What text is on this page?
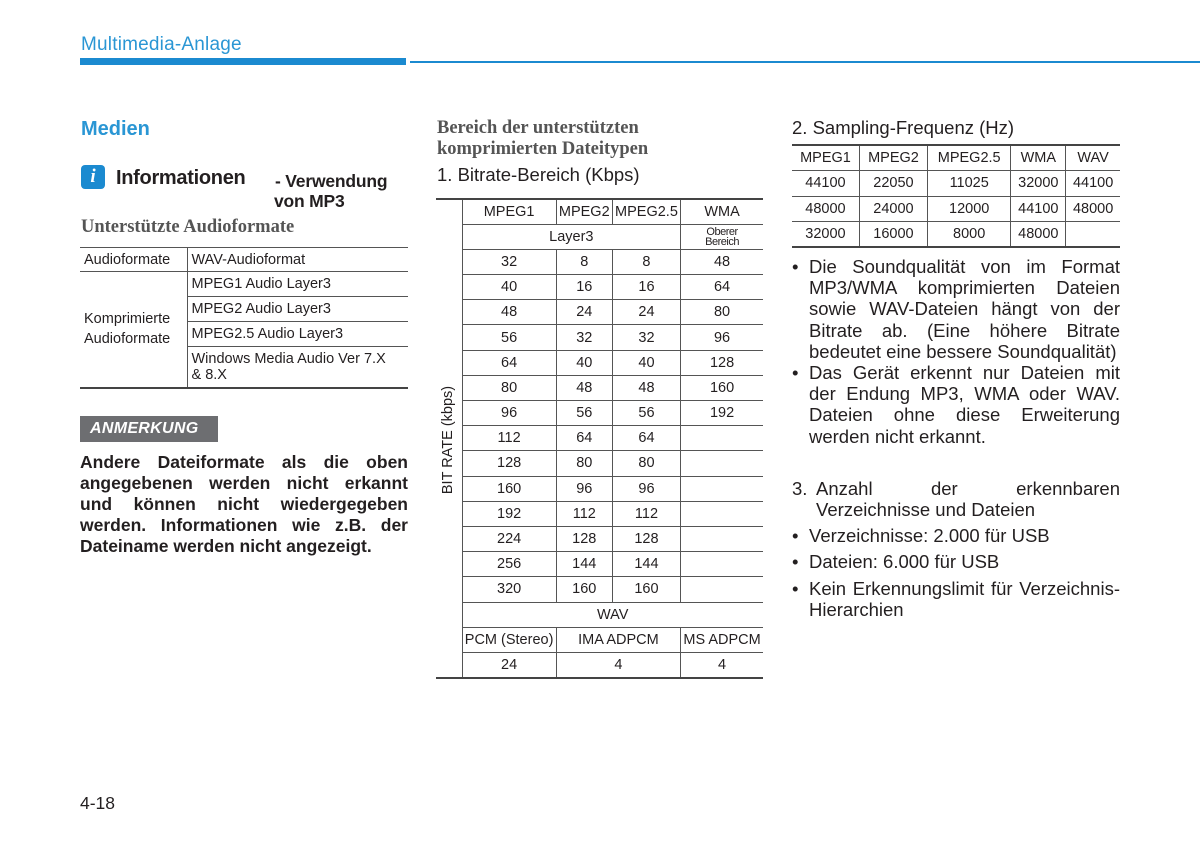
Multimedia-Anlage
Medien
i	Informationen - Verwendung
von MP3
Unterstützte Audioformate
Audioformate	WAV-Audioformat
Komprimierte
Audioformate	MPEG1 Audio Layer3
	MPEG2 Audio Layer3
	MPEG2.5 Audio Layer3
	Windows Media Audio Ver 7.X
& 8.X
ANMERKUNG
Andere Dateiformate als die oben angegebenen werden nicht erkannt und können nicht wiedergegeben werden. Informationen wie z.B. der Dateiname werden nicht angezeigt.
Bereich der unterstützten komprimierten Dateitypen
1. Bitrate-Bereich (Kbps)
	MPEG1	MPEG2	MPEG2.5	WMA
	Layer3			Oberer
Bereich
	32	8	8	48
	40	16	16	64
	48	24	24	80
	56	32	32	96
	64	40	40	128
	80	48	48	160
	96	56	56	192
	112	64	64	
	128	80	80	
	160	96	96	
	192	112	112	
	224	128	128	
	256	144	144	
	320	160	160	
	WAV			
	PCM (Stereo)	IMA ADPCM		MS ADPCM
	24	4		4
BIT RATE (kbps)
2. Sampling-Frequenz (Hz)
MPEG1	MPEG2	MPEG2.5	WMA	WAV
44100	22050	11025	32000	44100
48000	24000	12000	44100	48000
32000	16000	8000	48000	
• Die Soundqualität von im Format MP3/WMA komprimierten Dateien sowie WAV-Dateien hängt von der Bitrate ab. (Eine höhere Bitrate bedeutet eine bessere Soundqualität)
• Das Gerät erkennt nur Dateien mit der Endung MP3, WMA oder WAV. Dateien ohne diese Erweiterung werden nicht erkannt.
3. Anzahl der erkennbaren Verzeichnisse und Dateien
• Verzeichnisse: 2.000 für USB
• Dateien: 6.000 für USB
• Kein Erkennungslimit für Verzeichnis-Hierarchien
4-18
